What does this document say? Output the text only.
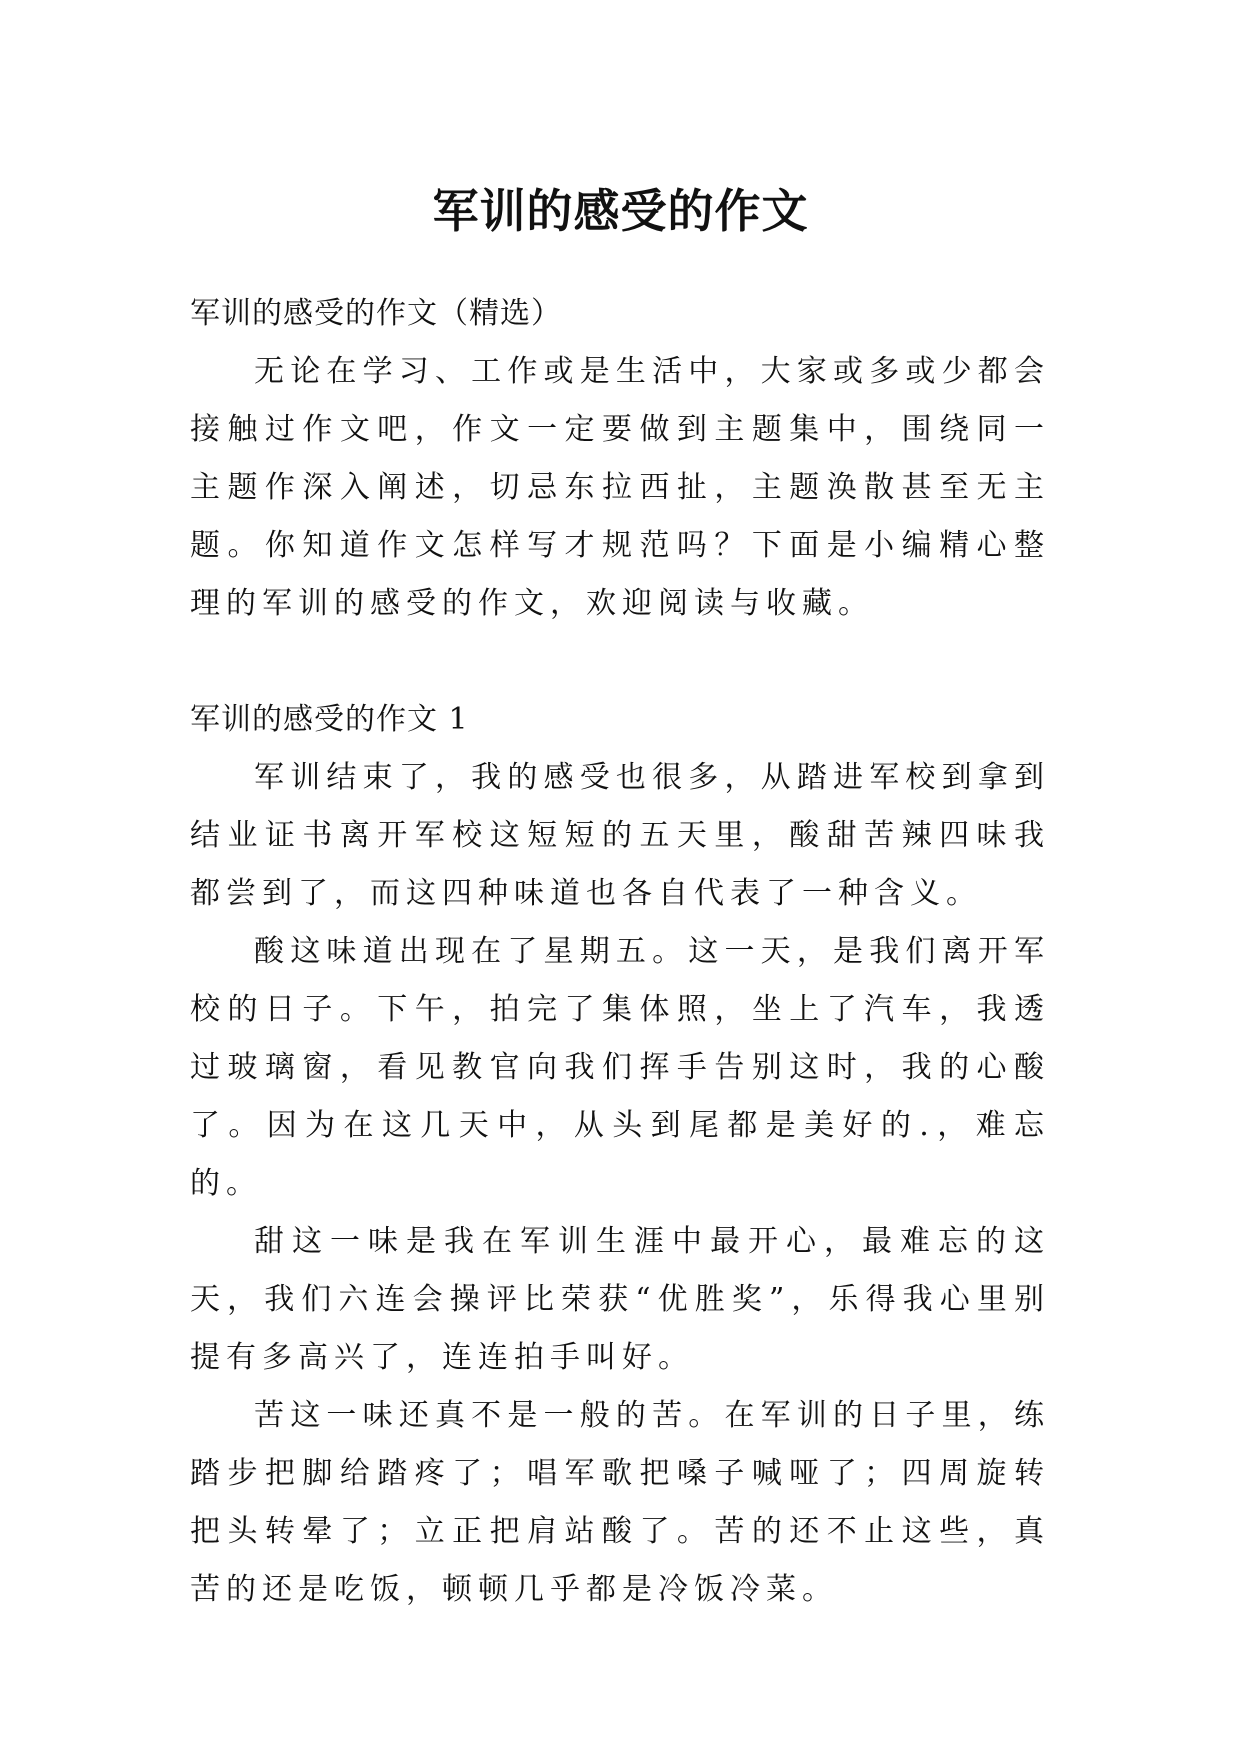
军训的感受的作文

军训的感受的作文（精选）

无论在学习、工作或是生活中，大家或多或少都会接触过作文吧，作文一定要做到主题集中，围绕同一主题作深入阐述，切忌东拉西扯，主题涣散甚至无主题。你知道作文怎样写才规范吗？下面是小编精心整理的军训的感受的作文，欢迎阅读与收藏。

军训的感受的作文 1

军训结束了，我的感受也很多，从踏进军校到拿到结业证书离开军校这短短的五天里，酸甜苦辣四味我都尝到了，而这四种味道也各自代表了一种含义。

酸这味道出现在了星期五。这一天，是我们离开军校的日子。下午，拍完了集体照，坐上了汽车，我透过玻璃窗，看见教官向我们挥手告别这时，我的心酸了。因为在这几天中，从头到尾都是美好的.，难忘的。

甜这一味是我在军训生涯中最开心，最难忘的这天，我们六连会操评比荣获“优胜奖”，乐得我心里别提有多高兴了，连连拍手叫好。

苦这一味还真不是一般的苦。在军训的日子里，练踏步把脚给踏疼了；唱军歌把嗓子喊哑了；四周旋转把头转晕了；立正把肩站酸了。苦的还不止这些，真苦的还是吃饭，顿顿几乎都是冷饭冷菜。
